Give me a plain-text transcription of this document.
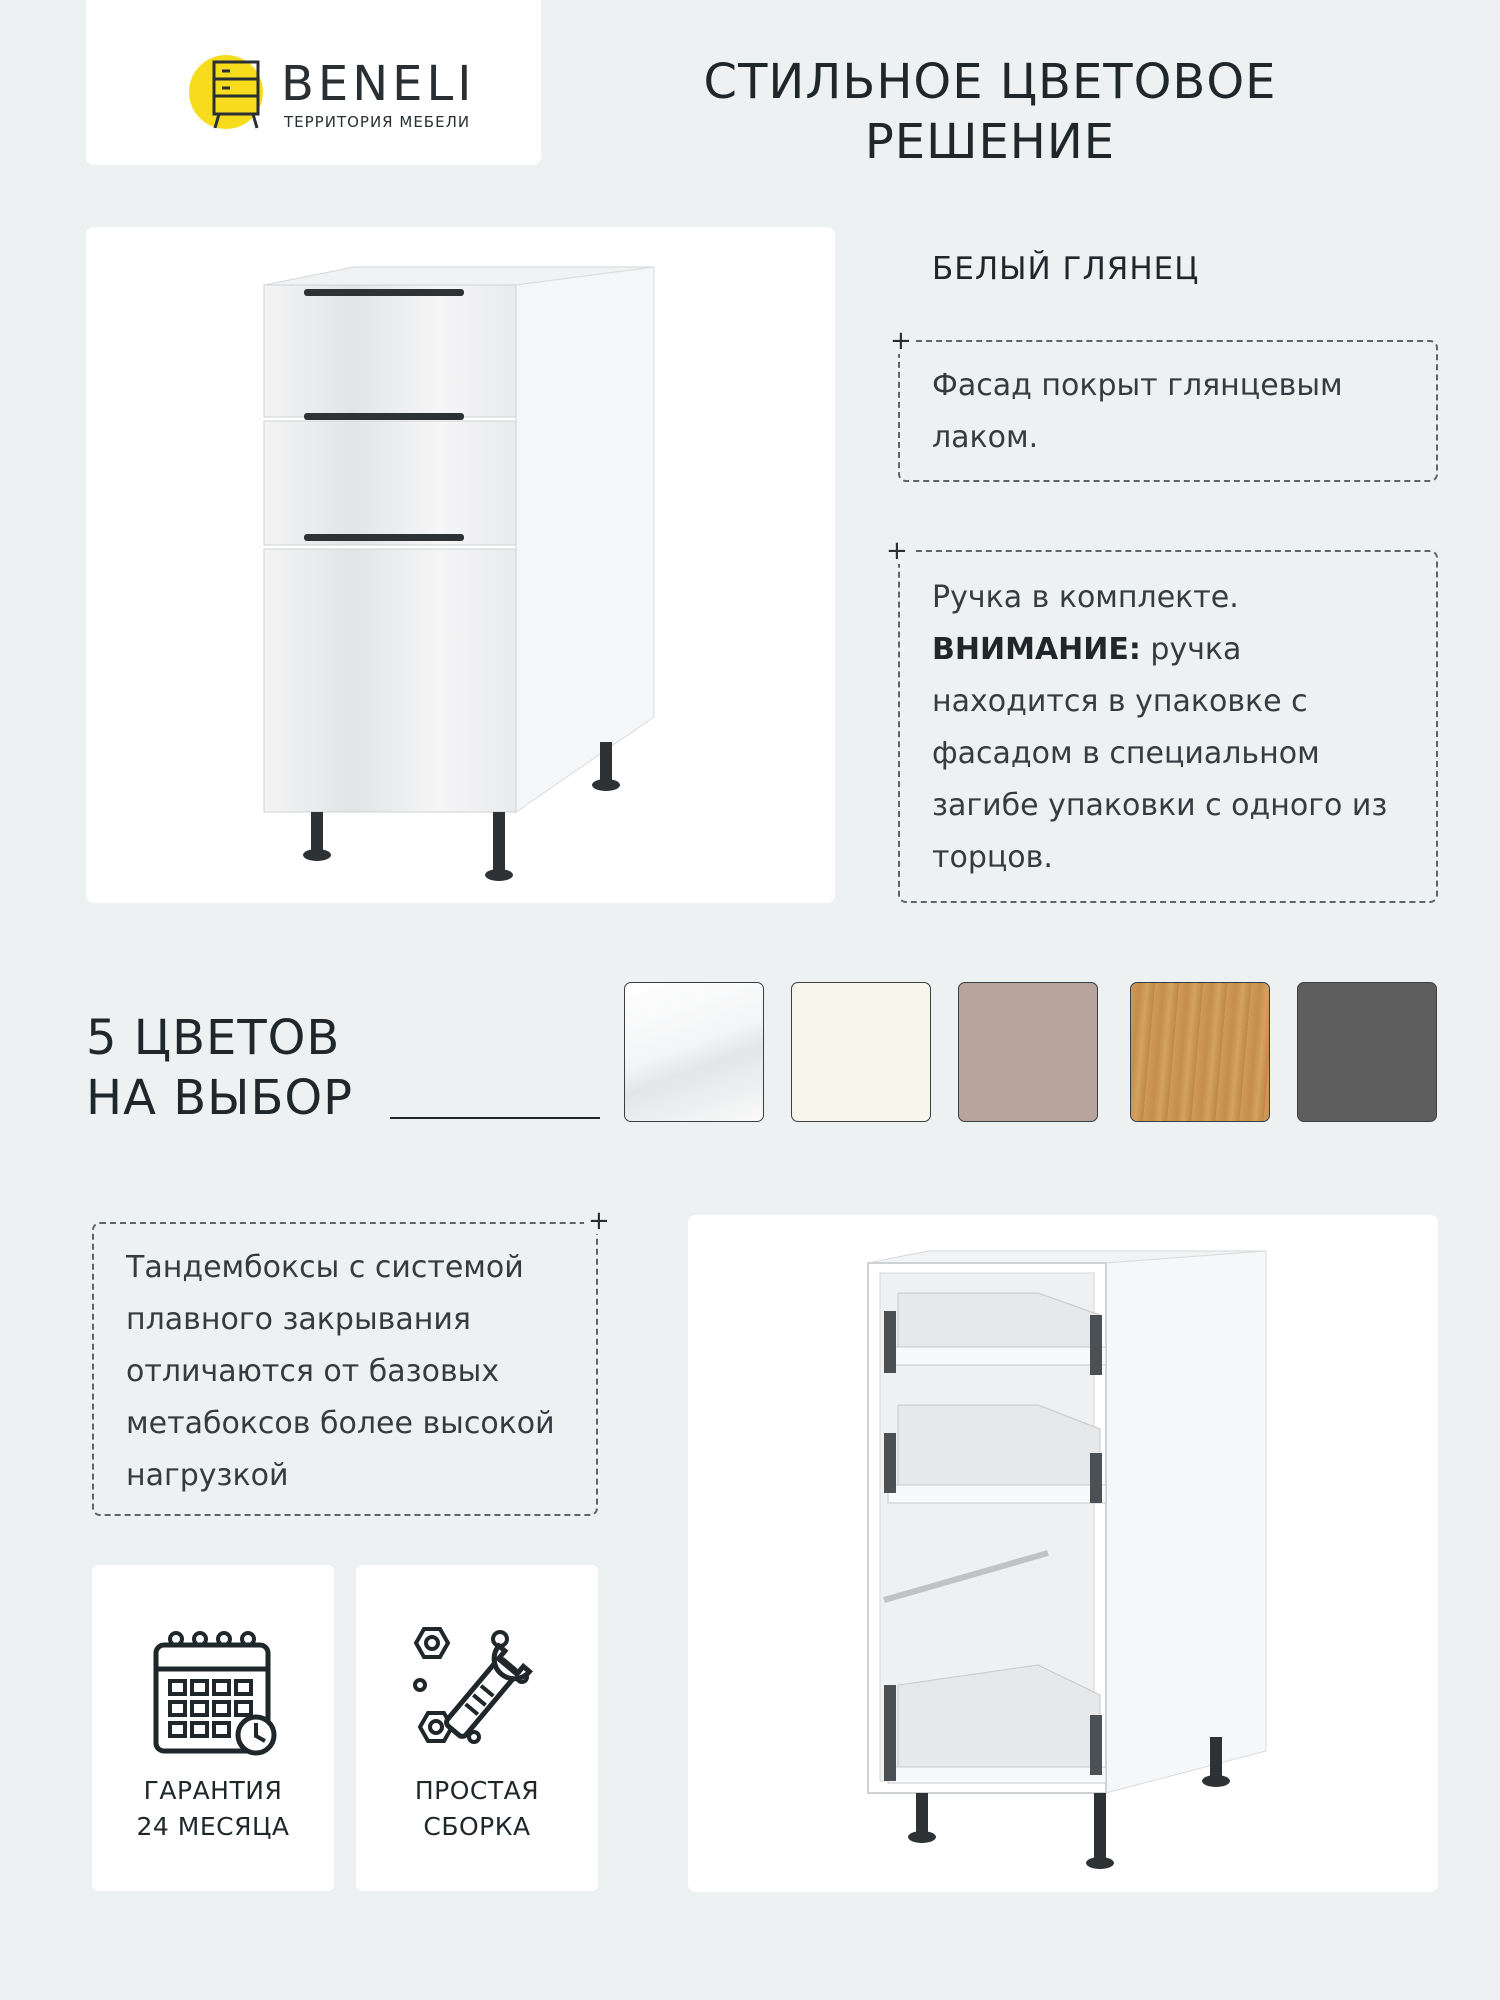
BENELI
ТЕРРИТОРИЯ МЕБЕЛИ
СТИЛЬНОЕ ЦВЕТОВОЕ
РЕШЕНИЕ
БЕЛЫЙ ГЛЯНЕЦ
Фасад покрыт глянцевым лаком.
+
Ручка в комплекте.
ВНИМАНИЕ: ручка находится в упаковке с фасадом в специальном загибе упаковки с одного из торцов.
+
5 ЦВЕТОВ
НА ВЫБОР
Тандембоксы с системой плавного закрывания отличаются от базовых метабоксов более высокой нагрузкой
+
ГАРАНТИЯ
24 МЕСЯЦА
ПРОСТАЯ
СБОРКА
